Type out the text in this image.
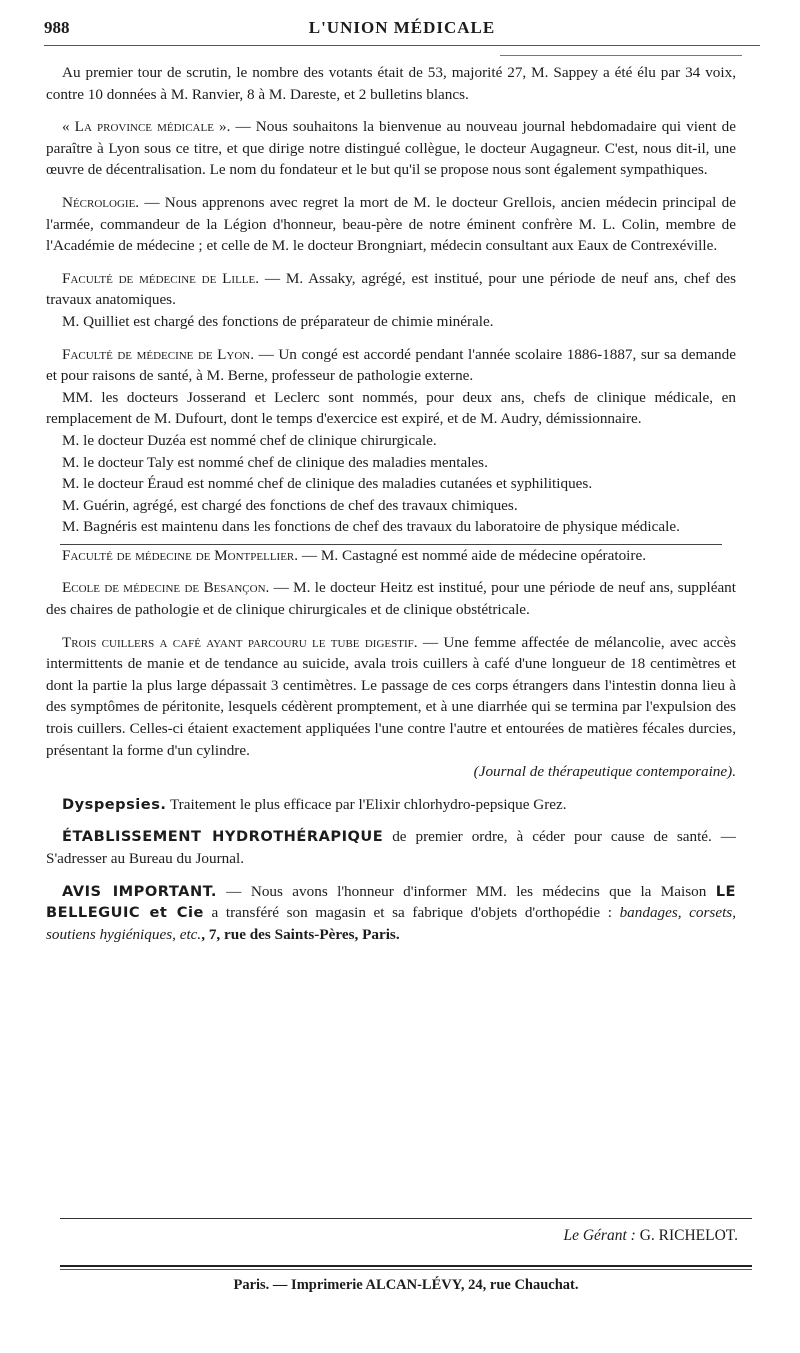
988	L'UNION MÉDICALE

Au premier tour de scrutin, le nombre des votants était de 53, majorité 27, M. Sappey a été élu par 34 voix, contre 10 données à M. Ranvier, 8 à M. Dareste, et 2 bulletins blancs.

« La province médicale ». — Nous souhaitons la bienvenue au nouveau journal hebdomadaire qui vient de paraître à Lyon sous ce titre, et que dirige notre distingué collègue, le docteur Augagneur. C'est, nous dit-il, une œuvre de décentralisation. Le nom du fondateur et le but qu'il se propose nous sont également sympathiques.

Nécrologie. — Nous apprenons avec regret la mort de M. le docteur Grellois, ancien médecin principal de l'armée, commandeur de la Légion d'honneur, beau-père de notre éminent confrère M. L. Colin, membre de l'Académie de médecine ; et celle de M. le docteur Brongniart, médecin consultant aux Eaux de Contrexéville.

Faculté de médecine de Lille. — M. Assaky, agrégé, est institué, pour une période de neuf ans, chef des travaux anatomiques.

M. Quilliet est chargé des fonctions de préparateur de chimie minérale.

Faculté de médecine de Lyon. — Un congé est accordé pendant l'année scolaire 1886-1887, sur sa demande et pour raisons de santé, à M. Berne, professeur de pathologie externe.

MM. les docteurs Josserand et Leclerc sont nommés, pour deux ans, chefs de clinique médicale, en remplacement de M. Dufourt, dont le temps d'exercice est expiré, et de M. Audry, démissionnaire.

M. le docteur Duzéa est nommé chef de clinique chirurgicale.

M. le docteur Taly est nommé chef de clinique des maladies mentales.

M. le docteur Éraud est nommé chef de clinique des maladies cutanées et syphilitiques.

M. Guérin, agrégé, est chargé des fonctions de chef des travaux chimiques.

M. Bagnéris est maintenu dans les fonctions de chef des travaux du laboratoire de physique médicale.

Faculté de médecine de Montpellier. — M. Castagné est nommé aide de médecine opératoire.

Ecole de médecine de Besançon. — M. le docteur Heitz est institué, pour une période de neuf ans, suppléant des chaires de pathologie et de clinique chirurgicales et de clinique obstétricale.

Trois cuillers a café ayant parcouru le tube digestif. — Une femme affectée de mélancolie, avec accès intermittents de manie et de tendance au suicide, avala trois cuillers à café d'une longueur de 18 centimètres et dont la partie la plus large dépassait 3 centimètres. Le passage de ces corps étrangers dans l'intestin donna lieu à des symptômes de péritonite, lesquels cédèrent promptement, et à une diarrhée qui se termina par l'expulsion des trois cuillers. Celles-ci étaient exactement appliquées l'une contre l'autre et entourées de matières fécales durcies, présentant la forme d'un cylindre.

(Journal de thérapeutique contemporaine).

Dyspepsies. Traitement le plus efficace par l'Elixir chlorhydro-pepsique Grez.

ÉTABLISSEMENT HYDROTHÉRAPIQUE de premier ordre, à céder pour cause de santé. — S'adresser au Bureau du Journal.

AVIS IMPORTANT. — Nous avons l'honneur d'informer MM. les médecins que la Maison LE BELLEGUIC et Cie a transféré son magasin et sa fabrique d'objets d'orthopédie : bandages, corsets, soutiens hygiéniques, etc., 7, rue des Saints-Pères, Paris.

Le Gérant : G. RICHELOT.
Paris. — Imprimerie ALCAN-LÉVY, 24, rue Chauchat.
